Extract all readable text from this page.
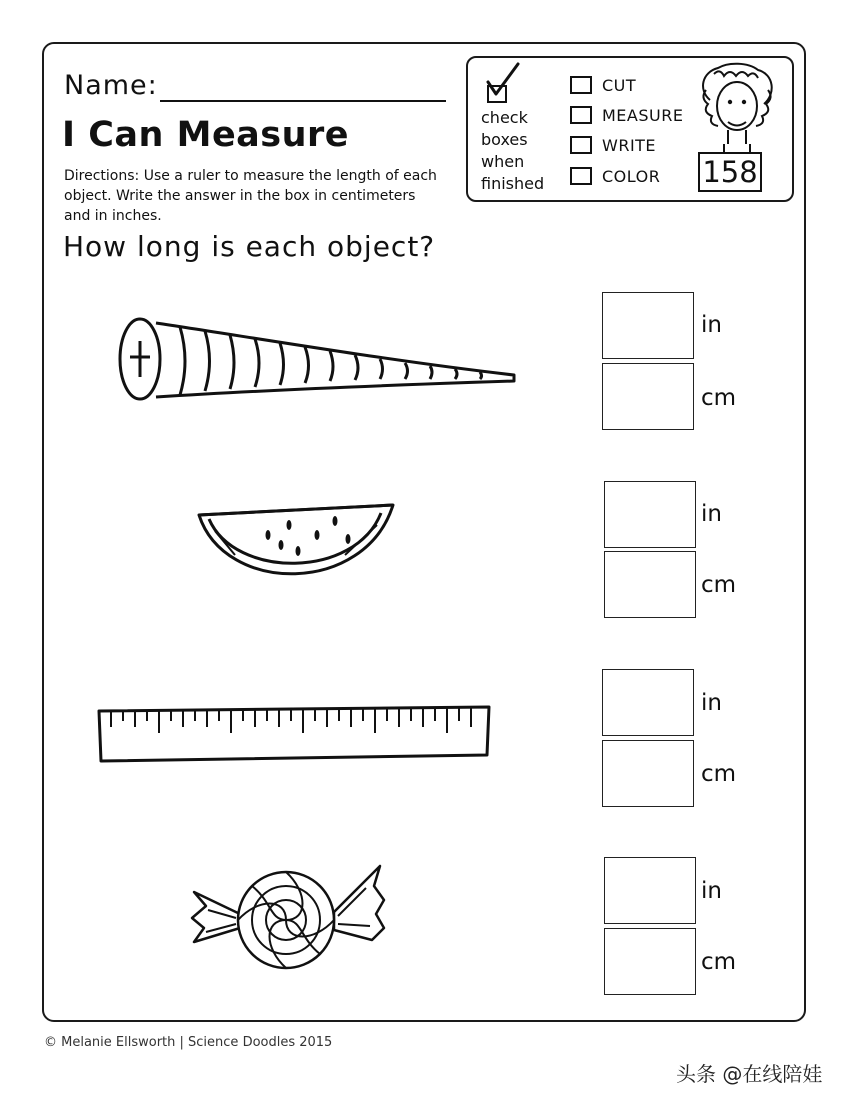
Name:
I Can Measure
Directions: Use a ruler to measure the length of each object. Write the answer in the box in centimeters and in inches.
How long is each object?
check
boxes
when
finished
CUT
MEASURE
WRITE
COLOR 158
in
cm
in
cm
in
cm
in
cm
© Melanie Ellsworth | Science Doodles 2015
头条 @在线陪娃
